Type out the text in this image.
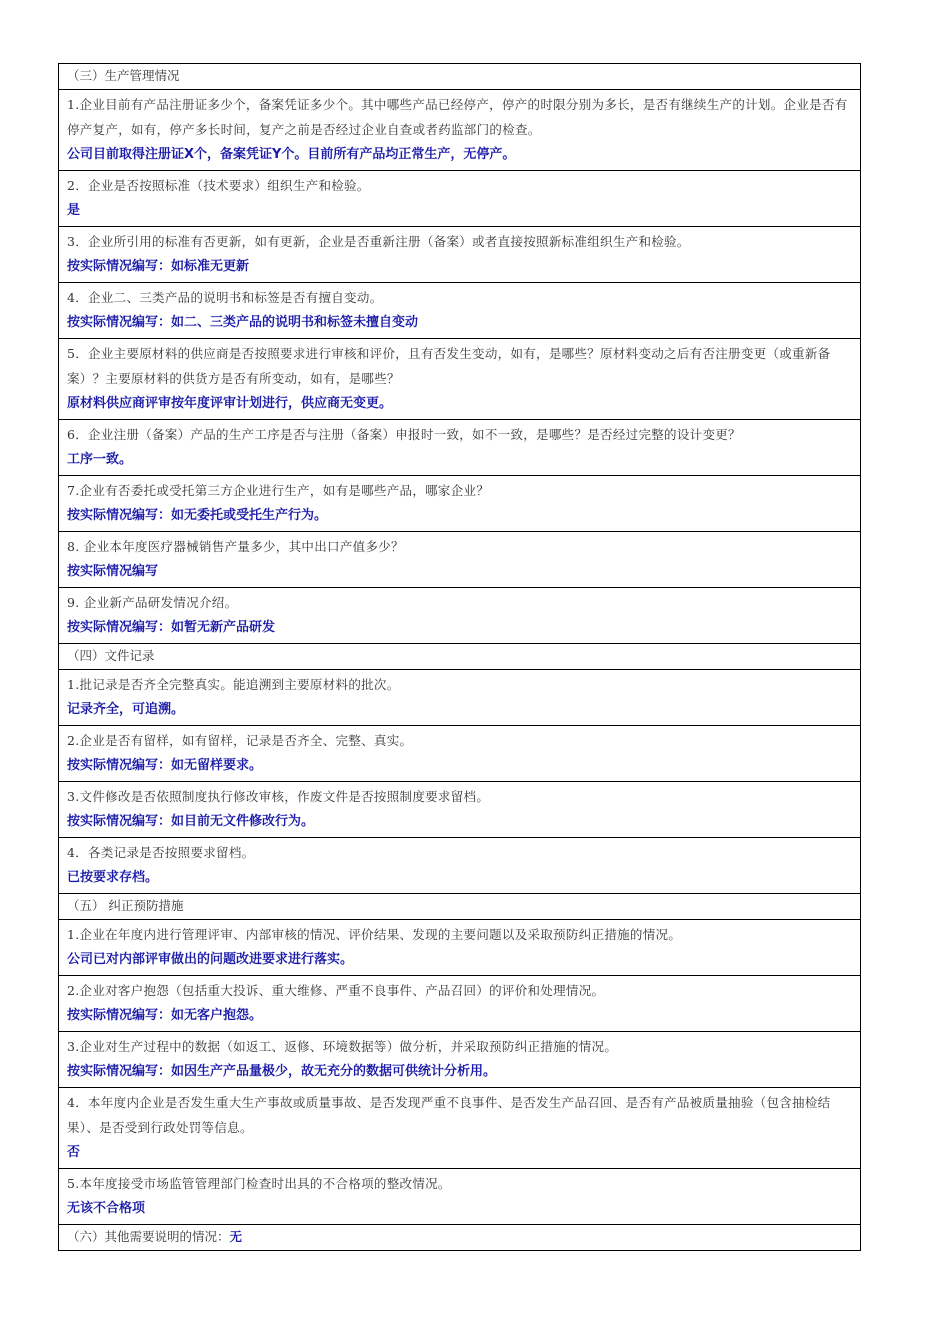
（三）生产管理情况

1.企业目前有产品注册证多少个，备案凭证多少个。其中哪些产品已经停产，停产的时限分别为多长，是否有继续生产的计划。企业是否有停产复产，如有，停产多长时间，复产之前是否经过企业自查或者药监部门的检查。
公司目前取得注册证X个，备案凭证Y个。目前所有产品均正常生产，无停产。

2．企业是否按照标准（技术要求）组织生产和检验。
是

3．企业所引用的标准有否更新，如有更新，企业是否重新注册（备案）或者直接按照新标准组织生产和检验。
按实际情况编写：如标准无更新

4．企业二、三类产品的说明书和标签是否有擅自变动。
按实际情况编写：如二、三类产品的说明书和标签未擅自变动

5．企业主要原材料的供应商是否按照要求进行审核和评价，且有否发生变动，如有，是哪些？原材料变动之后有否注册变更（或重新备案）？主要原材料的供货方是否有所变动，如有，是哪些？
原材料供应商评审按年度评审计划进行，供应商无变更。

6．企业注册（备案）产品的生产工序是否与注册（备案）申报时一致，如不一致，是哪些？是否经过完整的设计变更？
工序一致。

7.企业有否委托或受托第三方企业进行生产，如有是哪些产品，哪家企业？
按实际情况编写：如无委托或受托生产行为。

8. 企业本年度医疗器械销售产量多少，其中出口产值多少？
按实际情况编写

9. 企业新产品研发情况介绍。
按实际情况编写：如暂无新产品研发

（四）文件记录

1.批记录是否齐全完整真实。能追溯到主要原材料的批次。
记录齐全，可追溯。

2.企业是否有留样，如有留样，记录是否齐全、完整、真实。
按实际情况编写：如无留样要求。

3.文件修改是否依照制度执行修改审核，作废文件是否按照制度要求留档。
按实际情况编写：如目前无文件修改行为。

4．各类记录是否按照要求留档。
已按要求存档。

（五） 纠正预防措施

1.企业在年度内进行管理评审、内部审核的情况、评价结果、发现的主要问题以及采取预防纠正措施的情况。
公司已对内部评审做出的问题改进要求进行落实。

2.企业对客户抱怨（包括重大投诉、重大维修、严重不良事件、产品召回）的评价和处理情况。
按实际情况编写：如无客户抱怨。

3.企业对生产过程中的数据（如返工、返修、环境数据等）做分析，并采取预防纠正措施的情况。
按实际情况编写：如因生产产品量极少，故无充分的数据可供统计分析用。

4．本年度内企业是否发生重大生产事故或质量事故、是否发现严重不良事件、是否发生产品召回、是否有产品被质量抽验（包含抽检结果）、是否受到行政处罚等信息。
否

5.本年度接受市场监管管理部门检查时出具的不合格项的整改情况。
无该不合格项

（六）其他需要说明的情况：无
